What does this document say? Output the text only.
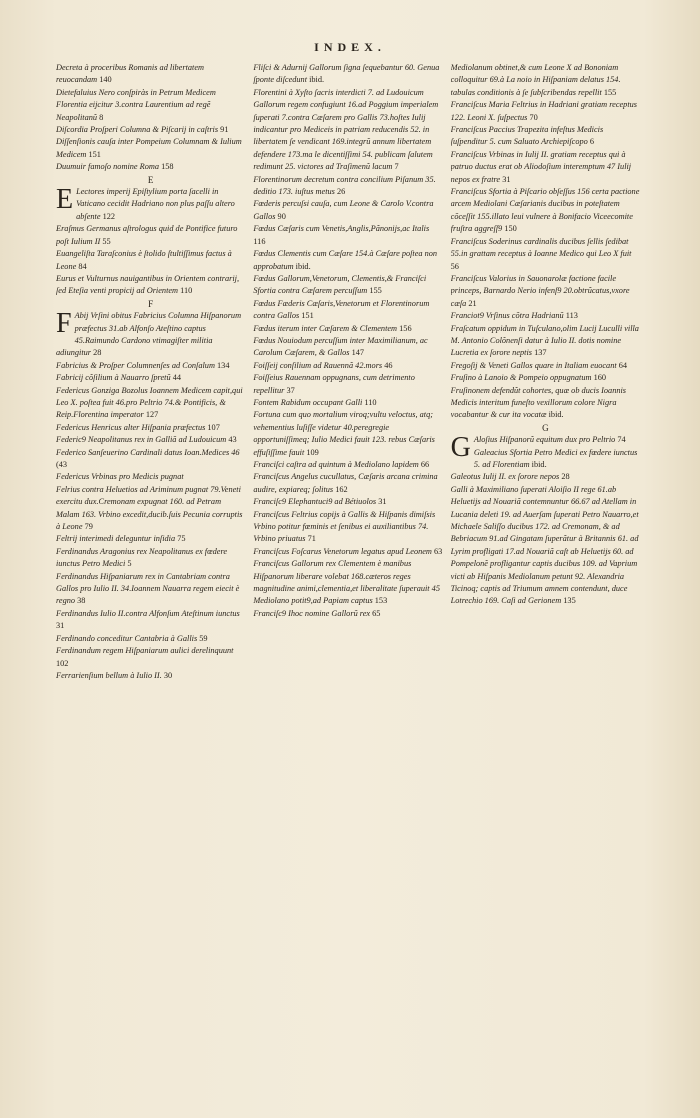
INDEX.

Decreta à proceribus Romanis ad libertatem reuocandam 140

Dietefaluius Nero conſpiràs in Petrum Medicem Florentia eijcitur 3.contra Laurentium ad regẽ Neapolitanũ 8

Diſcordia Proſperi Columna & Piſcarij in caſtris 91

Diſſenſionis cauſa inter Pompeium Columnam & Iulium Medicem 151

Duumuir famoſo nomine Roma 158

E

E Lectores imperij Epiſtylium porta ſacelli in Vaticano cecidit Hadriano non plus paſſu altero abſente 122

Eraſmus Germanus aſtrologus quid de Pontifice futuro poſt Iulium II 55

Euangeliſta Taraſconius è ſtolido ſtultiſſimus factus à Leone 84

Eurus et Vulturnus nauigantibus in Orientem contrarij, ſed Eteſia venti propicij ad Orientem 110

F

F Abij Vrſini obitus Fabricius Columna Hiſpanorum præfectus 31.ab Alfonſo Ateſtino captus 45.Raimundo Cardono vtimagiſter militia adiungitur 28

Fabricius & Proſper Columnenſes ad Conſalum 134

Fabricij cõſilium à Nauarro ſpretũ 44

Federicus Gonziga Bozolus Ioannem Medicem capit,qui Leo X. poſtea fuit 46.pro Peltrio 74.& Pontificis, & Reip.Florentina imperator 127

Federicus Henricus alter Hiſpania præfectus 107

Federic9 Neapolitanus rex in Galliã ad Ludouicum 43

Federico Sanſeuerino Cardinali datus Ioan.Medices 46 (43

Federicus Vrbinas pro Medicis pugnat

Felrius contra Heluetios ad Ariminum pugnat 79.Veneti exercitu dux.Cremonam expugnat 160. ad Petram Malam 163. Vrbino excedit,ducib.ſuis Pecunia corruptis à Leone 79

Feltrij interimedi deleguntur inſidia 75

Ferdinandus Aragonius rex Neapolitanus ex fœdere iunctus Petro Medici 5

Ferdinandus Hiſpaniarum rex in Cantabriam contra Gallos pro Iulio II. 34.Ioannem Nauarra regem eiecit è regno 38

Ferdinandus Iulio II.contra Alfonſum Ateſtinum iunctus 31

Ferdinando conceditur Cantabria à Gallis 59

Ferdinandum regem Hiſpaniarum aulici derelinquunt 102

Ferrarienſium bellum à Iulio II. 30

Fliſci & Adurnij Gallorum ſigna ſequebantur 60. Genua ſponte diſcedunt ibid.

Florentini à Xyſto ſacris interdicti 7. ad Ludouicum Gallorum regem confugiunt 16.ad Poggium imperialem ſuperati 7.contra Cæſarem pro Gallis 73.hoſtes Iulij indicantur pro Mediceis in patriam reducendis 52. in libertatem ſe vendicant 169.integrũ annum libertatem defendere 173.ma le dicentiſſimi 54. publicam ſalutem redimunt 25. victores ad Traſimenũ lacum 7

Florentinorum decretum contra concilium Piſanum 35. deditio 173. iuſtus metus 26

Fœderis percuſsi cauſa, cum Leone & Carolo V.contra Gallos 90

Fœdus Cæſaris cum Venetis,Anglis,Pãnonijs,ac Italis 116

Fœdus Clementis cum Cæſare 154.à Cæſare poſtea non approbatum ibid.

Fœdus Gallorum,Venetorum, Clementis,& Franciſci Sfortia contra Cæſarem percuſſum 155

Fœdus Fæderis Cæſaris,Venetorum et Florentinorum contra Gallos 151

Fœdus iterum inter Cæſarem & Clementem 156

Fœdus Nouiodum percuſſum inter Maximilianum, ac Carolum Cæſarem, & Gallos 147

Foiſſeij conſilium ad Rauennã 42.mors 46

Foiſſeius Rauennam oppugnans, cum detrimento repellitur 37

Fontem Rabidum occupant Galli 110

Fortuna cum quo mortalium viroq;vultu veloctus, atq; vehementius luſiſſe videtur 40.peregregie opportuniſſimeq; Iulio Medici fauit 123. rebus Cæſaris effuſiſſime fauit 109

Franciſci caſtra ad quintum à Mediolano lapidem 66

Franciſcus Angelus cucullatus, Cæſaris arcana crimina audire, expiareq; ſolitus 162

Franciſc9 Elephantuci9 ad Bétiuolos 31

Franciſcus Feltrius copijs à Gallis & Hiſpanis dimiſsis Vrbino potitur fœminis et ſenibus ei auxiliantibus 74. Vrbino priuatus 71

Franciſcus Foſcarus Venetorum legatus apud Leonem 63

Franciſcus Gallorum rex Clementem è manibus Hiſpanorum liberare volebat 168.cæteros reges magnitudine animi,clementia,et liberalitate ſuperauit 45 Mediolano potit9,ad Papiam captus 153

Franciſc9 Ihoc nomine Gallorũ rex 65

Mediolanum obtinet,& cum Leone X ad Bononiam colloquitur 69.à La noio in Hiſpaniam delatus 154. tabulas conditionis à ſe ſubſcribendas repellit 155

Franciſcus Maria Feltrius in Hadriani gratiam receptus 122. Leoni X. ſuſpectus 70

Franciſcus Paccius Trapezita infeſtus Medicis ſuſpenditur 5. cum Saluato Archiepiſcopo 6

Franciſcus Vrbinas in Iulij II. gratiam receptus qui à patruo ductus erat ob Aliodoſium interemptum 47 Iulij nepos ex fratre 31

Franciſcus Sfortia à Piſcario obſeſſus 156 certa pactione arcem Mediolani Cæſarianis ducibus in poteſtatem cõceſſit 155.illato leui vulnere à Bonifacio Viceecomite fruſtra aggreſſ9 150

Franciſcus Soderinus cardinalis ducibus ſellis ſedibat 55.in grattam receptus à Ioanne Medico qui Leo X fuit 56

Franciſcus Valorius in Sauonarolæ factione facile princeps, Barnardo Nerio infenſ9 20.obtrũcatus,vxore cæſa 21

Franciot9 Vrſinus cõtra Hadrianũ 113

Fraſcatum oppidum in Tuſculano,olim Lucij Luculli villa M. Antonio Colõnenſi datur à Iulio II. dotis nomine Lucretia ex ſorore neptis 137

Fregoſij & Veneti Gallos quare in Italiam euocant 64

Fruſino à Lanoio & Pompeio oppugnatum 160

Fruſinonem defendũt cohortes, quæ ob ducis Ioannis Medicis interitum funeſto vexillorum colore Nigra vocabantur & cur ita vocatæ ibid.

G

G Aloſius Hiſpanorũ equitum dux pro Peltrio 74

Galeacius Sfortia Petro Medici ex fœdere iunctus 5. ad Florentiam ibid.

Galeotus Iulij II. ex ſorore nepos 28

Galli à Maximiliano ſuperati Aloiſio II rege 61.ab Heluetijs ad Nouariã contemnuntur 66.67 ad Atellam in Lucania deleti 19. ad Auerſam ſuperati Petro Nauarro,et Michaele Saliſſo ducibus 172. ad Cremonam, & ad Bebriacum 91.ad Gingatam ſuperãtur à Britannis 61. ad Lyrim profligati 17.ad Nouariã caſt ab Heluetijs 60. ad Pompelonẽ profligantur captis ducibus 109. ad Vaprium victi ab Hiſpanis Mediolanum petunt 92. Alexandria Ticinoq; captis ad Triumum amnem contendunt, duce Lotrechio 169. Caſi ad Gerionem 135
